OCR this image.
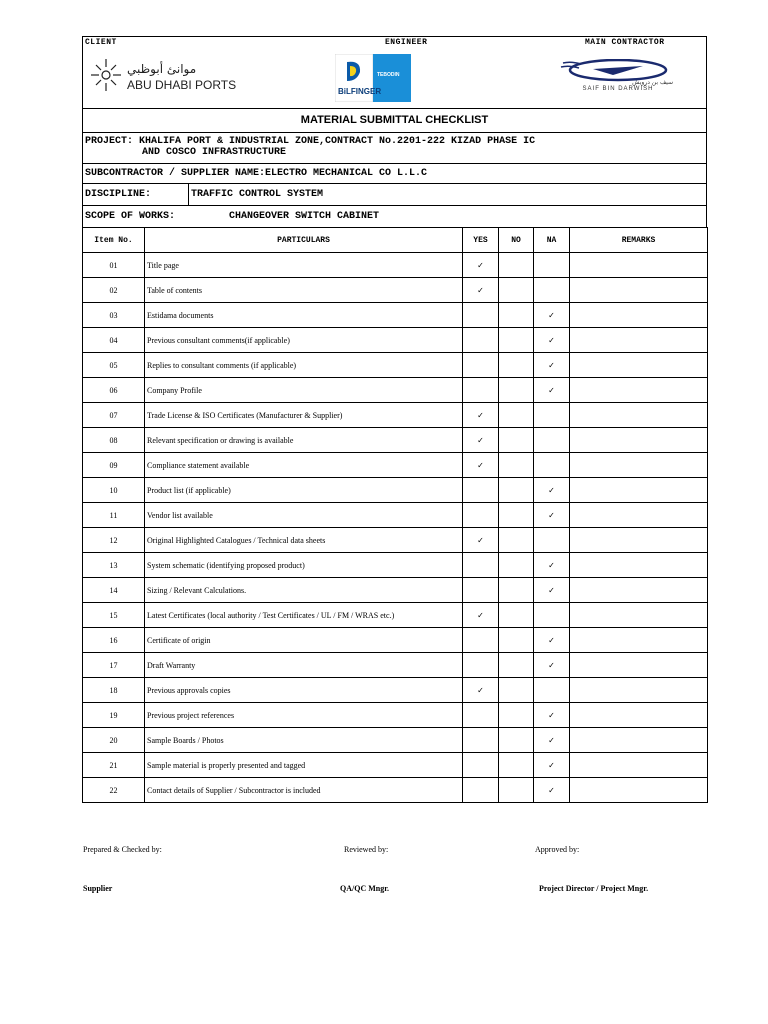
CLIENT	ENGINEER	MAIN CONTRACTOR
موانئ أبوظبي
ABU DHABI PORTS	BiLFINGER
TEBODIN
سيف بن درويش
SAIF BIN DARWISH
MATERIAL SUBMITTAL CHECKLIST
PROJECT: KHALIFA PORT & INDUSTRIAL ZONE,CONTRACT No.2201-222 KIZAD PHASE IC
AND COSCO INFRASTRUCTURE
SUBCONTRACTOR / SUPPLIER NAME:ELECTRO MECHANICAL CO L.L.C
DISCIPLINE:	TRAFFIC CONTROL SYSTEM
SCOPE OF WORKS:	CHANGEOVER SWITCH CABINET
Item No.	PARTICULARS	YES	NO	NA	REMARKS
01	Title page	✓			
02	Table of contents	✓			
03	Estidama documents			✓	
04	Previous consultant comments(if applicable)			✓	
05	Replies to consultant comments (if applicable)			✓	
06	Company Profile			✓	
07	Trade License & ISO Certificates (Manufacturer & Supplier)	✓			
08	Relevant specification or drawing is available	✓			
09	Compliance statement available	✓			
10	Product list (if applicable)			✓	
11	Vendor list available			✓	
12	Original Highlighted Catalogues / Technical data sheets	✓			
13	System schematic (identifying proposed product)			✓	
14	Sizing / Relevant Calculations.			✓	
15	Latest Certificates (local authority / Test Certificates / UL / FM / WRAS etc.)	✓			
16	Certificate of origin			✓	
17	Draft Warranty			✓	
18	Previous approvals copies	✓			
19	Previous project references			✓	
20	Sample Boards / Photos			✓	
21	Sample material is properly presented and tagged			✓	
22	Contact details of Supplier / Subcontractor is included			✓	
Prepared & Checked by:	Reviewed by:	Approved by:
Supplier	QA/QC Mngr.	Project Director / Project Mngr.
